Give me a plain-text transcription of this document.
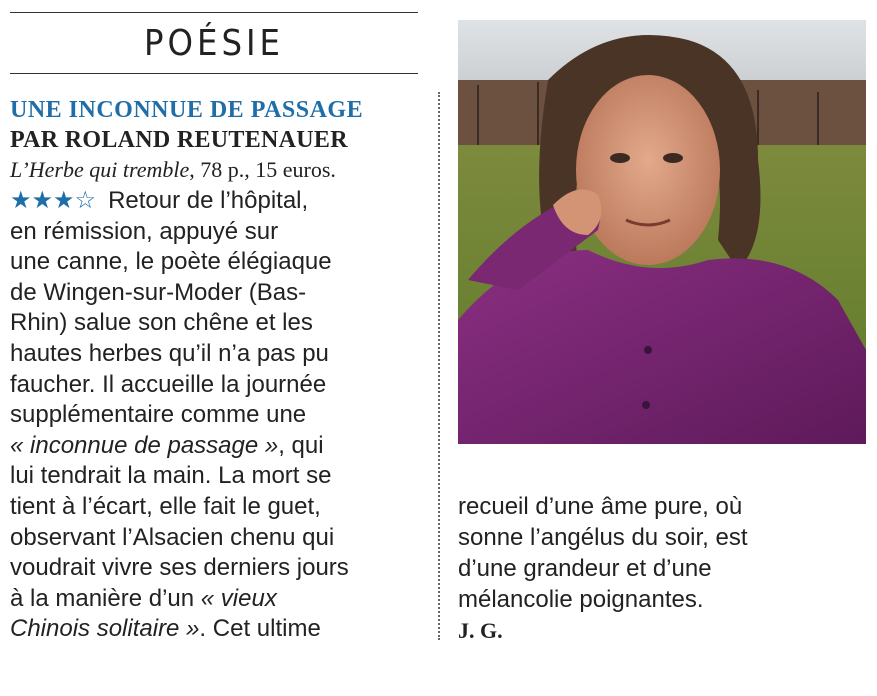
POÉSIE
UNE INCONNUE DE PASSAGE
PAR ROLAND REUTENAUER
L’Herbe qui tremble, 78 p., 15 euros.
★★★☆ Retour de l’hôpital,
en rémission, appuyé sur
une canne, le poète élégiaque
de Wingen-sur-Moder (Bas-
Rhin) salue son chêne et les
hautes herbes qu’il n’a pas pu
faucher. Il accueille la journée
supplémentaire comme une
« inconnue de passage », qui
lui tendrait la main. La mort se
tient à l’écart, elle fait le guet,
observant l’Alsacien chenu qui
voudrait vivre ses derniers jours
à la manière d’un « vieux
Chinois solitaire ». Cet ultime
recueil d’une âme pure, où
sonne l’angélus du soir, est
d’une grandeur et d’une
mélancolie poignantes.
J. G.
